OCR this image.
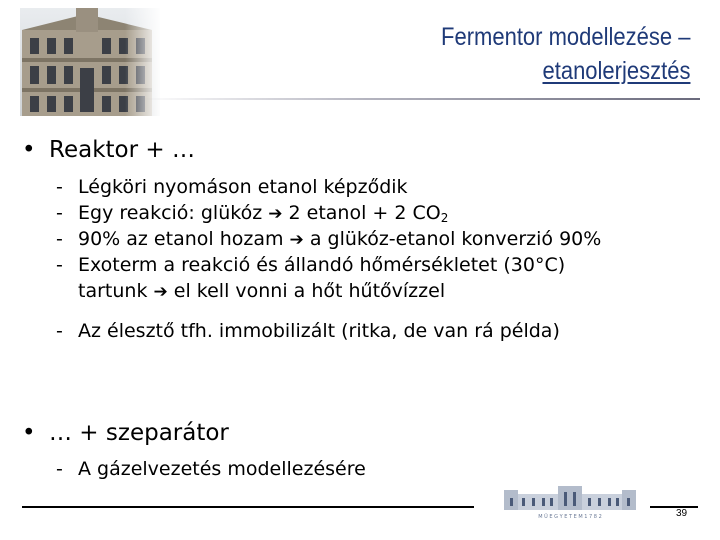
Fermentor modellezése –
etanolerjesztés
• Reaktor + …
- Légköri nyomáson etanol képződik
- Egy reakció: glükóz ➔ 2 etanol + 2 $CO_2$
- 90% az etanol hozam ➔ a glükóz-etanol konverzió 90%
- Exoterm a reakció és állandó hőmérsékletet (30°C) tartunk ➔ el kell vonni a hőt hűtővízzel
- Az élesztő tfh. immobilizált (ritka, de van rá példa)
• … + szeparátor
- A gázelvezetés modellezésére
M Ű E G Y E T E M 1 7 8 2	39
